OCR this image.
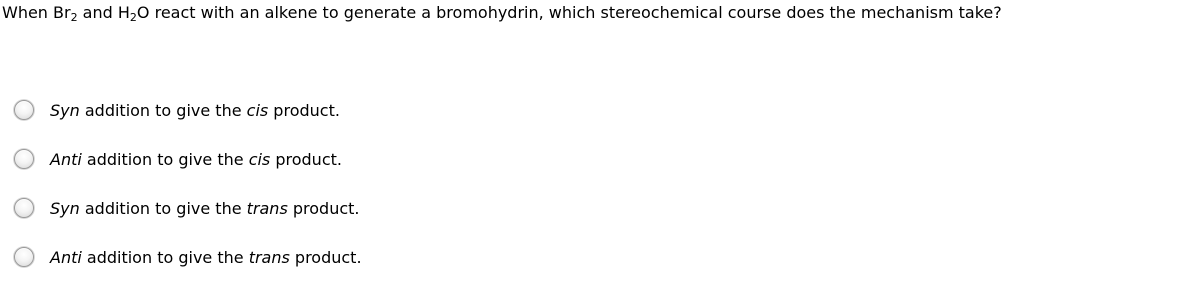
When $Br_2$ and $H_2O$ react with an alkene to generate a bromohydrin, which stereochemical course does the mechanism take?
Syn addition to give the cis product.
Anti addition to give the cis product.
Syn addition to give the trans product.
Anti addition to give the trans product.
